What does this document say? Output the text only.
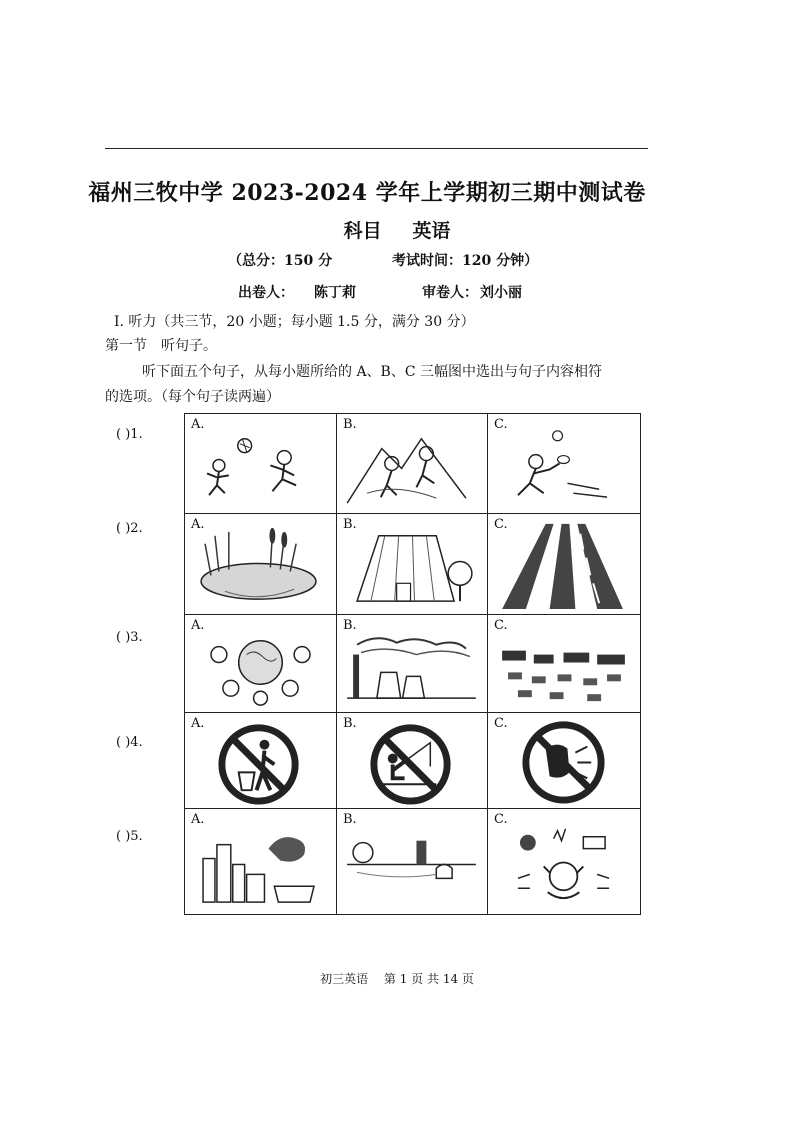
福州三牧中学 2023-2024 学年上学期初三期中测试卷
科目 英语
（总分：150 分	考试时间：120 分钟）
出卷人： 陈丁莉	审卷人： 刘小丽
I. 听力（共三节，20 小题；每小题 1.5 分，满分 30 分）
第一节　听句子。
听下面五个句子，从每小题所给的 A、B、C 三幅图中选出与句子内容相符
的选项。（每个句子读两遍）
( )1.
( )2.
( )3.
( )4.
( )5.
A.	B.	C.

A.	B.	C.

A.	B.	C.

A.	B.	C.

A.	B.	C.
初三英语 第 1 页 共 14 页
